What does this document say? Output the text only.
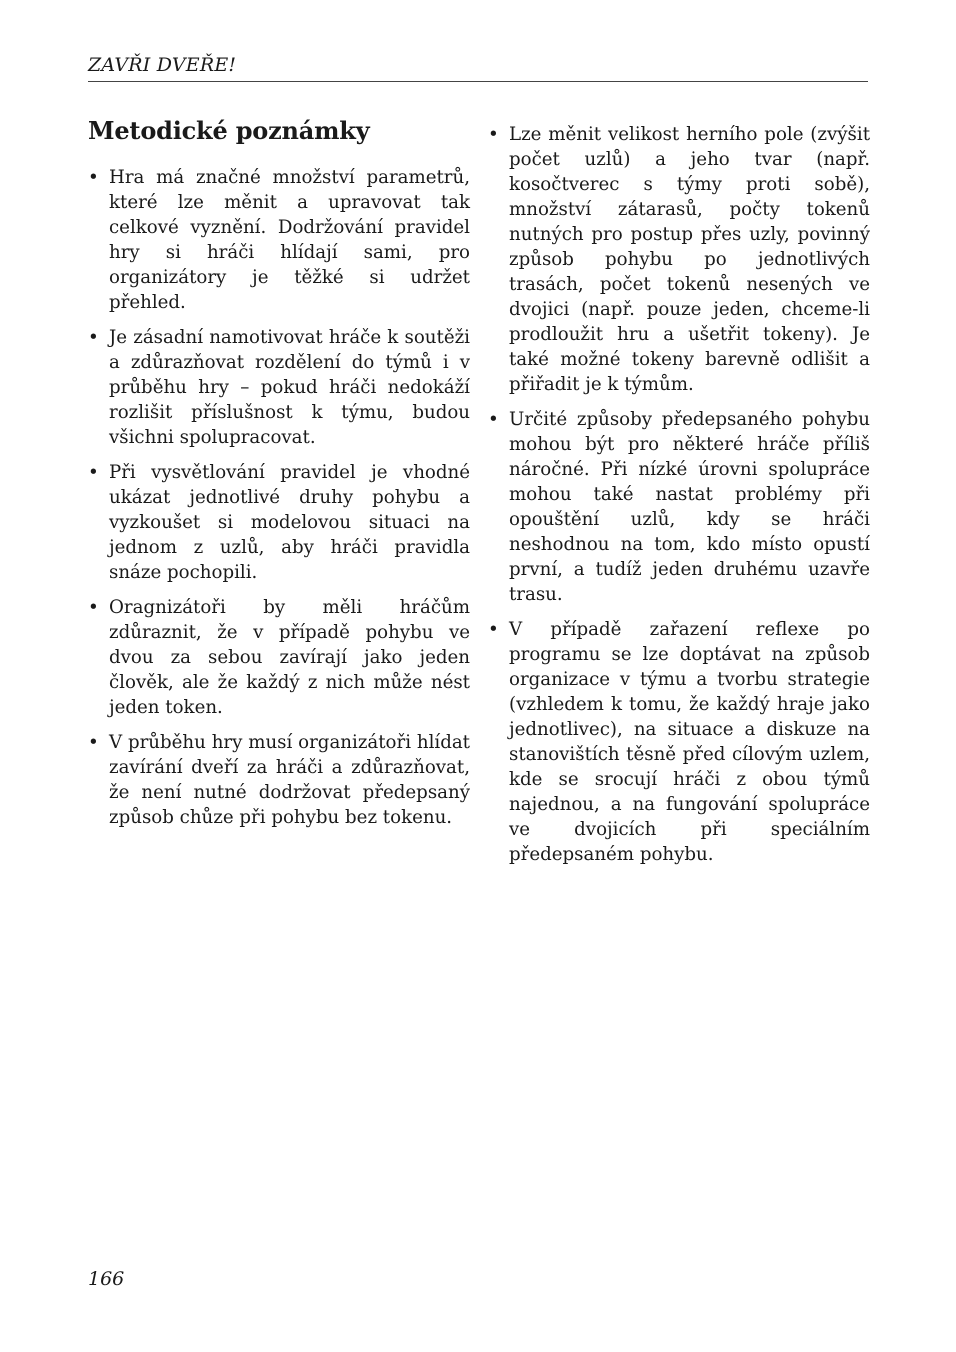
ZAVŘI DVEŘE!
Metodické poznámky
• Hra má značné množství parametrů, které lze měnit a upravovat tak celkové vyznění. Dodržování pravidel hry si hráči hlídají sami, pro organizátory je těžké si udržet přehled.
• Je zásadní namotivovat hráče k soutěži a zdůrazňovat rozdělení do týmů i v průběhu hry – pokud hráči nedokáží rozlišit příslušnost k týmu, budou všichni spolupracovat.
• Při vysvětlování pravidel je vhodné ukázat jednotlivé druhy pohybu a vyzkoušet si modelovou situaci na jednom z uzlů, aby hráči pravidla snáze pochopili.
• Oragnizátoři by měli hráčům zdůraznit, že v případě pohybu ve dvou za sebou zavírají jako jeden člověk, ale že každý z nich může nést jeden token.
• V průběhu hry musí organizátoři hlídat zavírání dveří za hráči a zdůrazňovat, že není nutné dodržovat předepsaný způsob chůze při pohybu bez tokenu.
• Lze měnit velikost herního pole (zvýšit počet uzlů) a jeho tvar (např. kosočtverec s týmy proti sobě), množství zátarasů, počty tokenů nutných pro postup přes uzly, povinný způsob pohybu po jednotlivých trasách, počet tokenů nesených ve dvojici (např. pouze jeden, chceme-li prodloužit hru a ušetřit tokeny). Je také možné tokeny barevně odlišit a přiřadit je k týmům.
• Určité způsoby předepsaného pohybu mohou být pro některé hráče příliš náročné. Při nízké úrovni spolupráce mohou také nastat problémy při opouštění uzlů, kdy se hráči neshodnou na tom, kdo místo opustí první, a tudíž jeden druhému uzavře trasu.
• V případě zařazení reflexe po programu se lze doptávat na způsob organizace v týmu a tvorbu strategie (vzhledem k tomu, že každý hraje jako jednotlivec), na situace a diskuze na stanovištích těsně před cílovým uzlem, kde se srocují hráči z obou týmů najednou, a na fungování spolupráce ve dvojicích při speciálním předepsaném pohybu.
166
